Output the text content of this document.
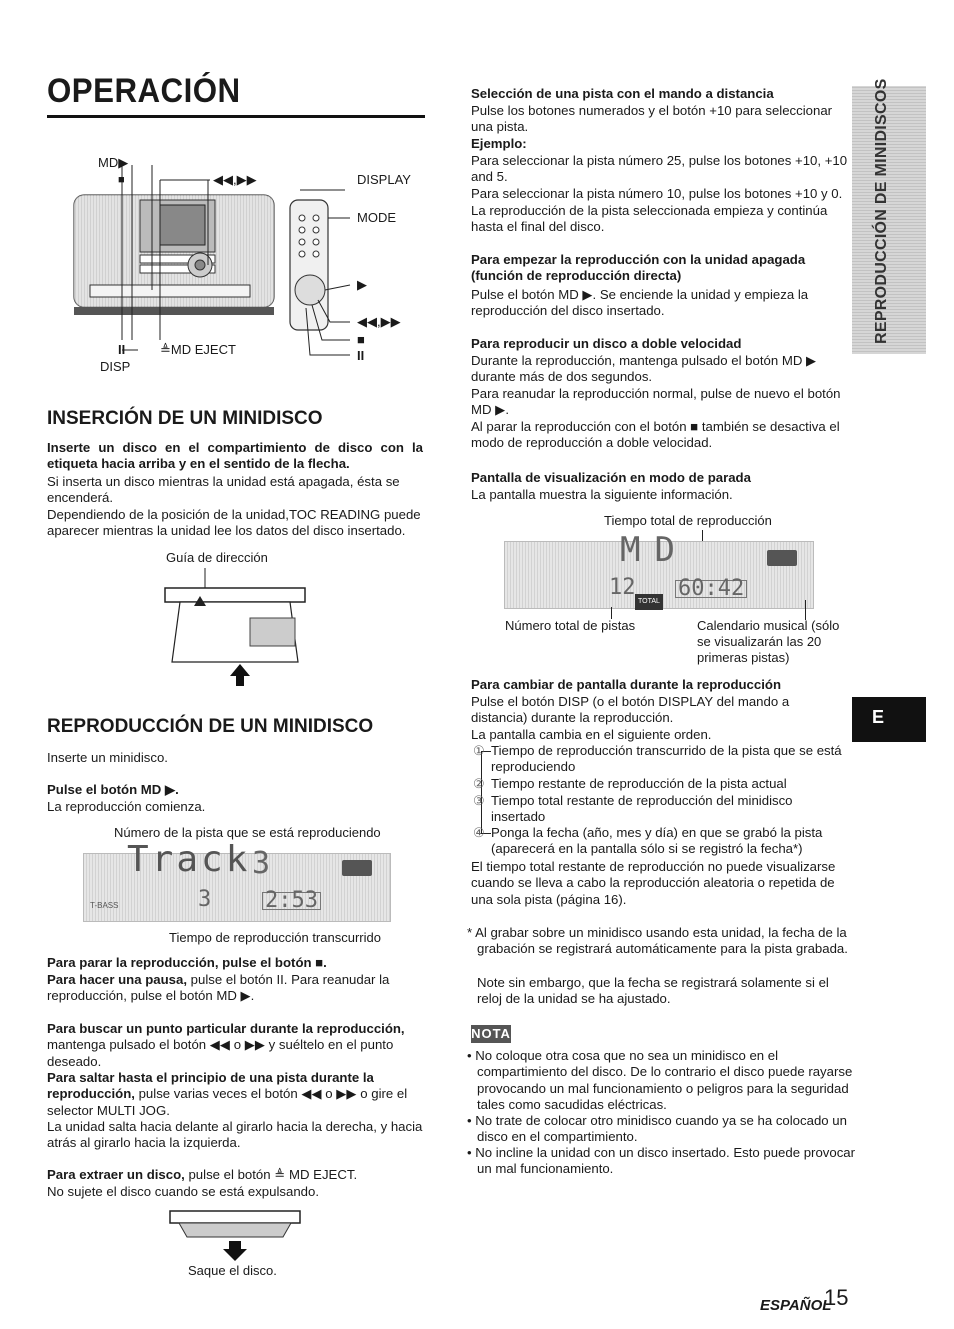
OPERACIÓN
MD▶
■	◀◀,▶▶	DISPLAY
MODE
▶
◀◀,▶▶
■
II
II	≜MD EJECT
DISP
INSERCIÓN DE UN MINIDISCO

Inserte un disco en el compartimiento de disco con la etiqueta hacia arriba y en el sentido de la flecha.

Si inserta un disco mientras la unidad está apagada, ésta se encenderá.

Dependiendo de la posición de la unidad,TOC READING puede aparecer mientras la unidad lee los datos del disco insertado.

Guía de dirección
REPRODUCCIÓN DE UN MINIDISCO

Inserte un minidisco.

Pulse el botón MD ▶.

La reproducción comienza.

Número de la pista que se está reproduciendo
Track 3
3 2:53
T-BASS
Tiempo de reproducción transcurrido

Para parar la reproducción, pulse el botón ■.

Para hacer una pausa, pulse el botón II. Para reanudar la reproducción, pulse el botón MD ▶.

Para buscar un punto particular durante la reproducción, mantenga pulsado el botón ◀◀ o ▶▶ y suéltelo en el punto deseado.

Para saltar hasta el principio de una pista durante la reproducción, pulse varias veces el botón ◀◀ o ▶▶ o gire el selector MULTI JOG.

La unidad salta hacia delante al girarlo hacia la derecha, y hacia atrás al girarlo hacia la izquierda.

Para extraer un disco, pulse el botón ≜ MD EJECT.

No sujete el disco cuando se está expulsando.

Saque el disco.

Selección de una pista con el mando a distancia

Pulse los botones numerados y el botón +10 para seleccionar una pista.

Ejemplo:

Para seleccionar la pista número 25, pulse los botones +10, +10 and 5.

Para seleccionar la pista número 10, pulse los botones +10 y 0.

La reproducción de la pista seleccionada empieza y continúa hasta el final del disco.

Para empezar la reproducción con la unidad apagada (función de reproducción directa)

Pulse el botón MD ▶. Se enciende la unidad y empieza la reproducción del disco insertado.

Para reproducir un disco a doble velocidad

Durante la reproducción, mantenga pulsado el botón MD ▶ durante más de dos segundos.

Para reanudar la reproducción normal, pulse de nuevo el botón MD ▶.

Al parar la reproducción con el botón ■ también se desactiva el modo de reproducción a doble velocidad.

Pantalla de visualización en modo de parada

La pantalla muestra la siguiente información.

Tiempo total de reproducción
MD
12
TOTAL
60:42
Número total de pistas	Calendario musical (sólo se visualizarán las 20 primeras pistas)

Para cambiar de pantalla durante la reproducción

Pulse el botón DISP (o el botón DISPLAY del mando a distancia) durante la reproducción.

La pantalla cambia en el siguiente orden.

① Tiempo de reproducción transcurrido de la pista que se está reproduciendo
② Tiempo restante de reproducción de la pista actual
③ Tiempo total restante de reproducción del minidisco insertado
④ Ponga la fecha (año, mes y día) en que se grabó la pista (aparecerá en la pantalla sólo si se registró la fecha*)

El tiempo total restante de reproducción no puede visualizarse cuando se lleva a cabo la reproducción aleatoria o repetida de una sola pista (página 16).

* Al grabar sobre un minidisco usando esta unidad, la fecha de la grabación se registrará automáticamente para la pista grabada.

Note sin embargo, que la fecha se registrará solamente si el reloj de la unidad se ha ajustado.

NOTA

• No coloque otra cosa que no sea un minidisco en el compartimiento del disco. De lo contrario el disco puede rayarse provocando un mal funcionamiento o peligros para la seguridad tales como sacudidas eléctricas.

• No trate de colocar otro minidisco cuando ya se ha colocado un disco en el compartimiento.

• No incline la unidad con un disco insertado. Esto puede provocar un mal funcionamiento.

REPRODUCCIÓN DE MINIDISCOS
E
ESPAÑOL
15
